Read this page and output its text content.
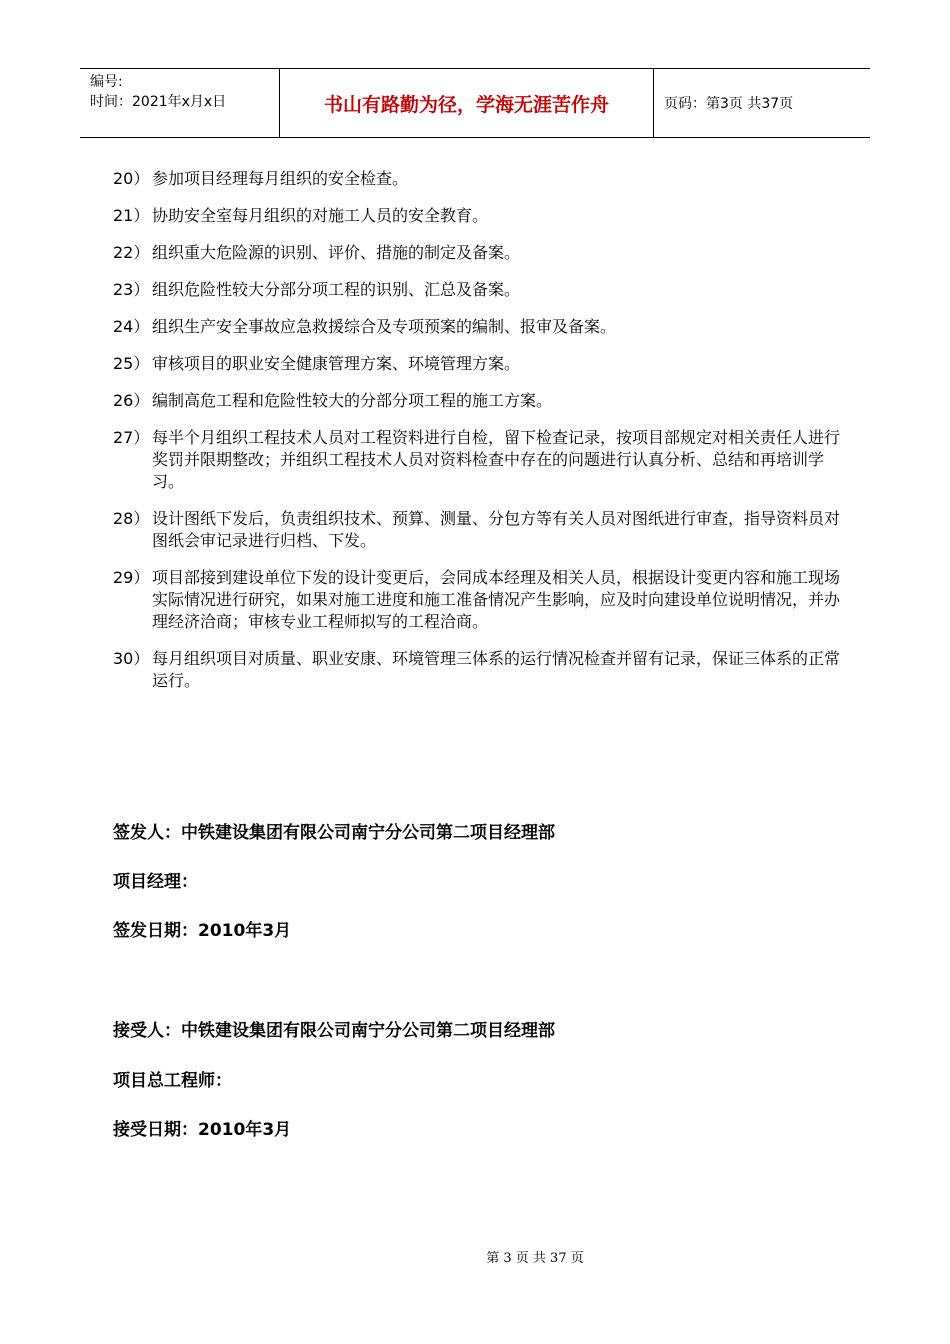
编号:
时间：2021年x月x日	书山有路勤为径，学海无涯苦作舟	页码：第3页 共37页
20） 参加项目经理每月组织的安全检查。
21） 协助安全室每月组织的对施工人员的安全教育。
22） 组织重大危险源的识别、评价、措施的制定及备案。
23） 组织危险性较大分部分项工程的识别、汇总及备案。
24） 组织生产安全事故应急救援综合及专项预案的编制、报审及备案。
25） 审核项目的职业安全健康管理方案、环境管理方案。
26） 编制高危工程和危险性较大的分部分项工程的施工方案。
27） 每半个月组织工程技术人员对工程资料进行自检，留下检查记录，按项目部规定对相关责任人进行奖罚并限期整改；并组织工程技术人员对资料检查中存在的问题进行认真分析、总结和再培训学习。
28） 设计图纸下发后，负责组织技术、预算、测量、分包方等有关人员对图纸进行审查，指导资料员对图纸会审记录进行归档、下发。
29） 项目部接到建设单位下发的设计变更后，会同成本经理及相关人员，根据设计变更内容和施工现场实际情况进行研究，如果对施工进度和施工准备情况产生影响，应及时向建设单位说明情况，并办理经济洽商；审核专业工程师拟写的工程洽商。
30） 每月组织项目对质量、职业安康、环境管理三体系的运行情况检查并留有记录，保证三体系的正常运行。
签发人：中铁建设集团有限公司南宁分公司第二项目经理部
项目经理：
签发日期：2010年3月
接受人：中铁建设集团有限公司南宁分公司第二项目经理部
项目总工程师：
接受日期：2010年3月
第 3 页 共 37 页
